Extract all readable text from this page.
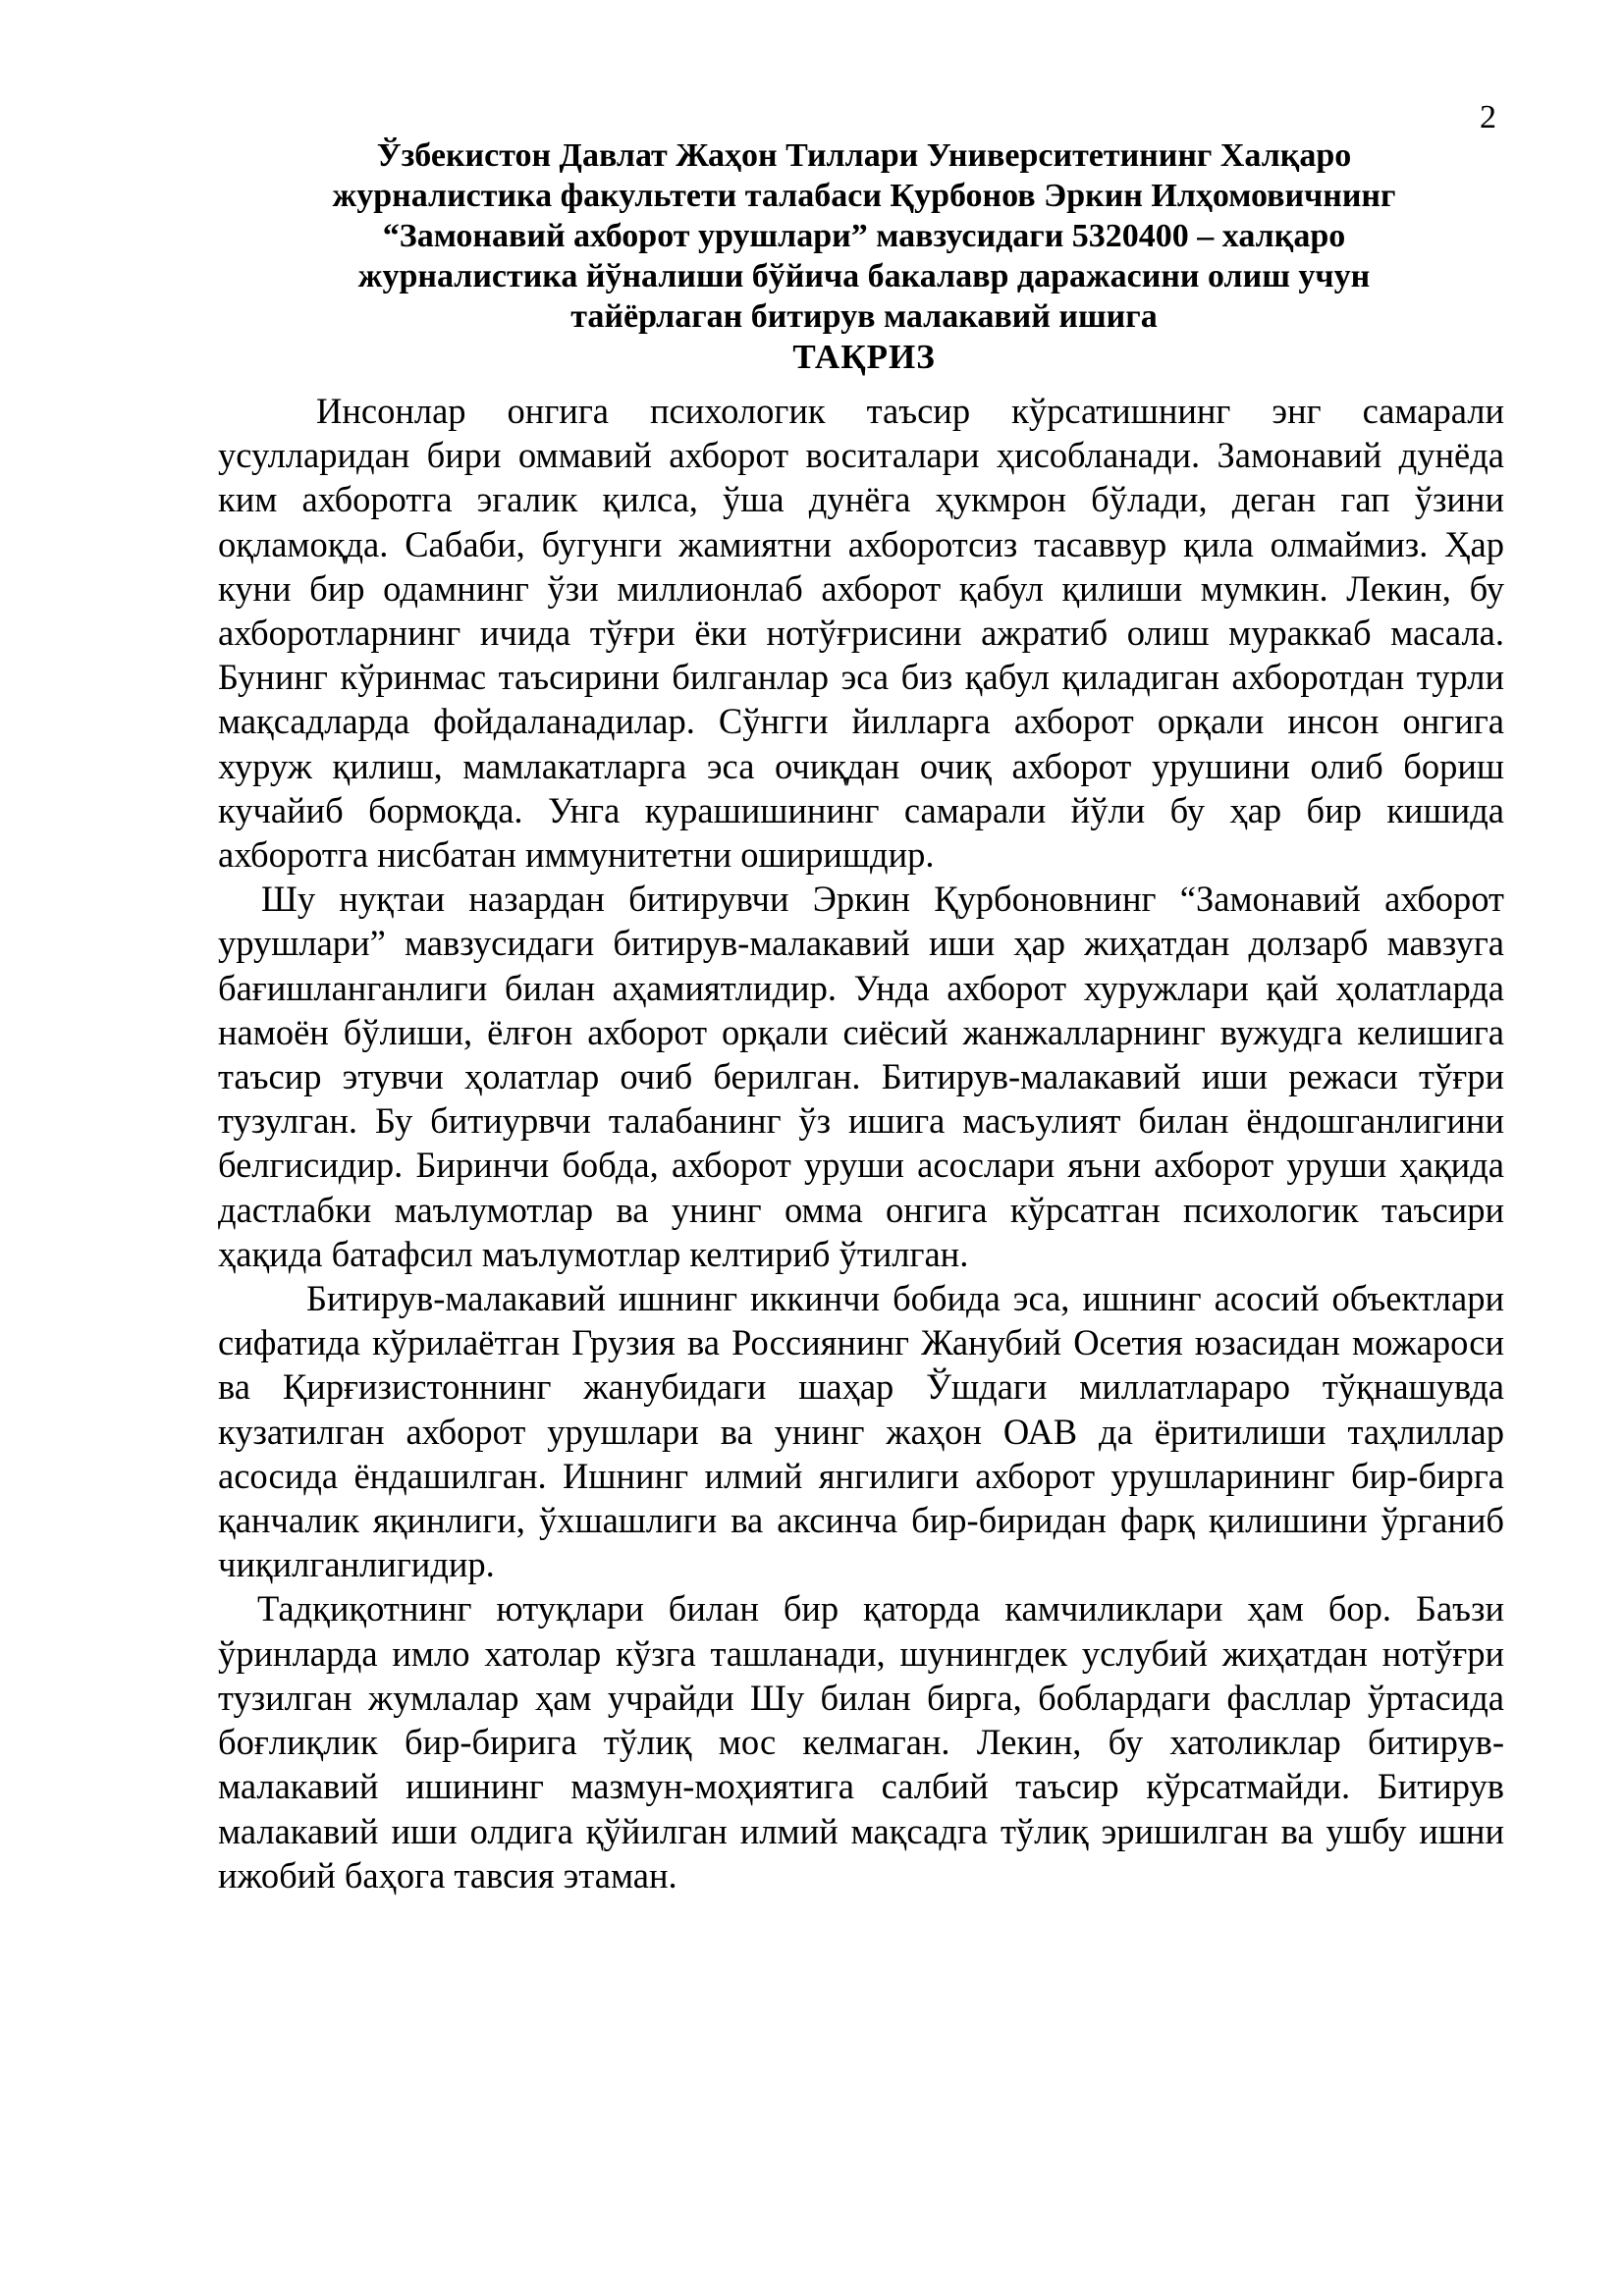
2
Ўзбекистон Давлат Жаҳон Тиллари Университетининг Халқаро
журналистика факультети талабаси Қурбонов Эркин Илҳомовичнинг
“Замонавий ахборот урушлари” мавзусидаги 5320400 – халқаро
журналистика йўналиши бўйича бакалавр даражасини олиш учун
тайёрлаган битирув малакавий ишига
ТАҚРИЗ

Инсонлар онгига психологик таъсир кўрсатишнинг энг самарали усулларидан бири оммавий ахборот воситалари ҳисобланади. Замонавий дунёда ким ахборотга эгалик қилса, ўша дунёга ҳукмрон бўлади, деган гап ўзини оқламоқда. Сабаби, бугунги жамиятни ахборотсиз тасаввур қила олмаймиз. Ҳар куни бир одамнинг ўзи миллионлаб ахборот қабул қилиши мумкин. Лекин, бу ахборотларнинг ичида тўғри ёки нотўғрисини ажратиб олиш мураккаб масала. Бунинг кўринмас таъсирини билганлар эса биз қабул қиладиган ахборотдан турли мақсадларда фойдаланадилар. Сўнгги йилларга ахборот орқали инсон онгига хуруж қилиш, мамлакатларга эса очиқдан очиқ ахборот урушини олиб бориш кучайиб бормоқда. Унга курашишининг самарали йўли бу ҳар бир кишида ахборотга нисбатан иммунитетни оширишдир.

Шу нуқтаи назардан битирувчи Эркин Қурбоновнинг “Замонавий ахборот урушлари” мавзусидаги битирув-малакавий иши ҳар жиҳатдан долзарб мавзуга бағишланганлиги билан аҳамиятлидир. Унда ахборот хуружлари қай ҳолатларда намоён бўлиши, ёлғон ахборот орқали сиёсий жанжалларнинг вужудга келишига таъсир этувчи ҳолатлар очиб берилган. Битирув-малакавий иши режаси тўғри тузулган. Бу битиурвчи талабанинг ўз ишига масъулият билан ёндошганлигини белгисидир. Биринчи бобда, ахборот уруши асослари яъни ахборот уруши ҳақида дастлабки маълумотлар ва унинг омма онгига кўрсатган психологик таъсири ҳақида батафсил маълумотлар келтириб ўтилган.

Битирув-малакавий ишнинг иккинчи бобида эса, ишнинг асосий объектлари сифатида кўрилаётган Грузия ва Россиянинг Жанубий Осетия юзасидан можароси ва Қирғизистоннинг жанубидаги шаҳар Ўшдаги миллатлараро тўқнашувда кузатилган ахборот урушлари ва унинг жаҳон ОАВ да ёритилиши таҳлиллар асосида ёндашилган. Ишнинг илмий янгилиги ахборот урушларининг бир-бирга қанчалик яқинлиги, ўхшашлиги ва аксинча бир-биридан фарқ қилишини ўрганиб чиқилганлигидир.

Тадқиқотнинг ютуқлари билан бир қаторда камчиликлари ҳам бор. Баъзи ўринларда имло хатолар кўзга ташланади, шунингдек услубий жиҳатдан нотўғри тузилган жумлалар ҳам учрайди Шу билан бирга, боблардаги фасллар ўртасида боғлиқлик бир-бирига тўлиқ мос келмаган. Лекин, бу хатоликлар битирув-малакавий ишининг мазмун-моҳиятига салбий таъсир кўрсатмайди. Битирув малакавий иши олдига қўйилган илмий мақсадга тўлиқ эришилган ва ушбу ишни ижобий баҳога тавсия этаман.
